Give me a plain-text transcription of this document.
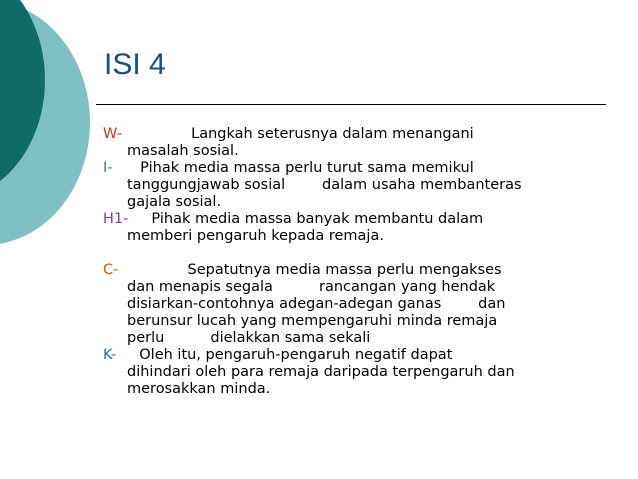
ISI 4
W-               Langkah seterusnya dalam menangani
masalah sosial.
I-      Pihak media massa perlu turut sama memikul
tanggungjawab sosial        dalam usaha membanteras
gajala sosial.
H1-     Pihak media massa banyak membantu dalam
memberi pengaruh kepada remaja.
C-               Sepatutnya media massa perlu mengakses
dan menapis segala          rancangan yang hendak
disiarkan-contohnya adegan-adegan ganas        dan
berunsur lucah yang mempengaruhi minda remaja
perlu          dielakkan sama sekali
K-     Oleh itu, pengaruh-pengaruh negatif dapat
dihindari oleh para remaja daripada terpengaruh dan
merosakkan minda.
